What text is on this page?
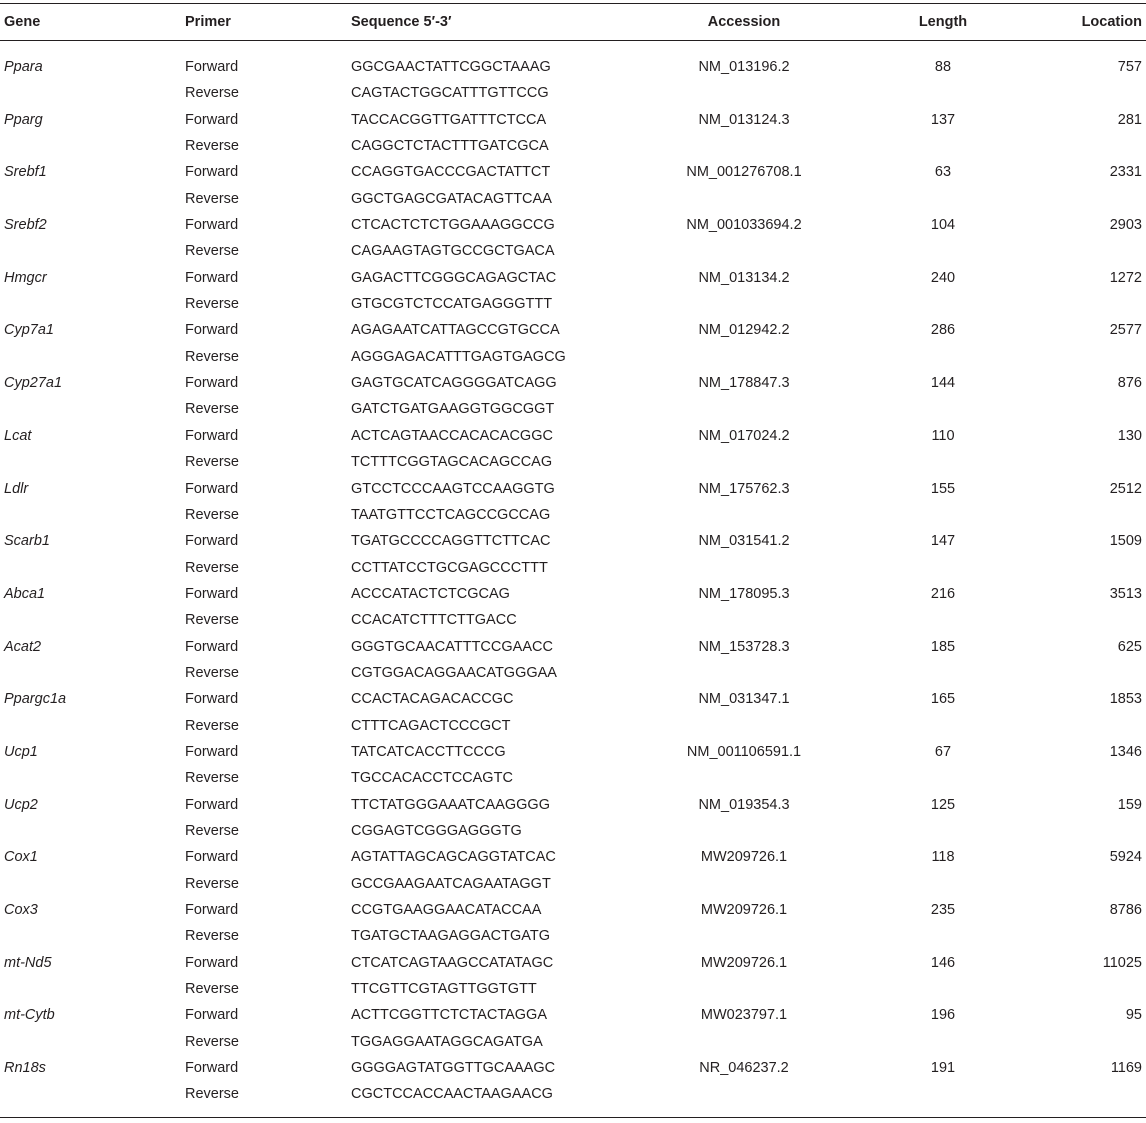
Gene	Primer	Sequence 5′-3′	Accession	Length	Location
Ppara	Forward	GGCGAACTATTCGGCTAAAG	NM_013196.2	88	757
	Reverse	CAGTACTGGCATTTGTTCCG			
Pparg	Forward	TACCACGGTTGATTTCTCCA	NM_013124.3	137	281
	Reverse	CAGGCTCTACTTTGATCGCA			
Srebf1	Forward	CCAGGTGACCCGACTATTCT	NM_001276708.1	63	2331
	Reverse	GGCTGAGCGATACAGTTCAA			
Srebf2	Forward	CTCACTCTCTGGAAAGGCCG	NM_001033694.2	104	2903
	Reverse	CAGAAGTAGTGCCGCTGACA			
Hmgcr	Forward	GAGACTTCGGGCAGAGCTAC	NM_013134.2	240	1272
	Reverse	GTGCGTCTCCATGAGGGTTT			
Cyp7a1	Forward	AGAGAATCATTAGCCGTGCCA	NM_012942.2	286	2577
	Reverse	AGGGAGACATTTGAGTGAGCG			
Cyp27a1	Forward	GAGTGCATCAGGGGATCAGG	NM_178847.3	144	876
	Reverse	GATCTGATGAAGGTGGCGGT			
Lcat	Forward	ACTCAGTAACCACACACGGC	NM_017024.2	110	130
	Reverse	TCTTTCGGTAGCACAGCCAG			
Ldlr	Forward	GTCCTCCCAAGTCCAAGGTG	NM_175762.3	155	2512
	Reverse	TAATGTTCCTCAGCCGCCAG			
Scarb1	Forward	TGATGCCCCAGGTTCTTCAC	NM_031541.2	147	1509
	Reverse	CCTTATCCTGCGAGCCCTTT			
Abca1	Forward	ACCCATACTCTCGCAG	NM_178095.3	216	3513
	Reverse	CCACATCTTTCTTGACC			
Acat2	Forward	GGGTGCAACATTTCCGAACC	NM_153728.3	185	625
	Reverse	CGTGGACAGGAACATGGGAA			
Ppargc1a	Forward	CCACTACAGACACCGC	NM_031347.1	165	1853
	Reverse	CTTTCAGACTCCCGCT			
Ucp1	Forward	TATCATCACCTTCCCG	NM_001106591.1	67	1346
	Reverse	TGCCACACCTCCAGTC			
Ucp2	Forward	TTCTATGGGAAATCAAGGGG	NM_019354.3	125	159
	Reverse	CGGAGTCGGGAGGGTG			
Cox1	Forward	AGTATTAGCAGCAGGTATCAC	MW209726.1	118	5924
	Reverse	GCCGAAGAATCAGAATAGGT			
Cox3	Forward	CCGTGAAGGAACATACCAA	MW209726.1	235	8786
	Reverse	TGATGCTAAGAGGACTGATG			
mt-Nd5	Forward	CTCATCAGTAAGCCATATAGC	MW209726.1	146	11025
	Reverse	TTCGTTCGTAGTTGGTGTT			
mt-Cytb	Forward	ACTTCGGTTCTCTACTAGGA	MW023797.1	196	95
	Reverse	TGGAGGAATAGGCAGATGA			
Rn18s	Forward	GGGGAGTATGGTTGCAAAGC	NR_046237.2	191	1169
	Reverse	CGCTCCACCAACTAAGAACG			
